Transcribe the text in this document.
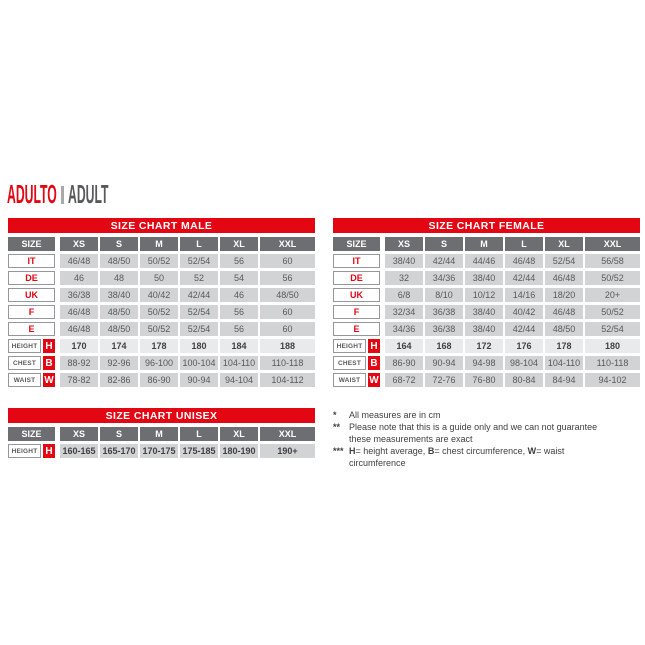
ADULTO ADULT
SIZE CHART MALE
SIZE	XS	S	M	L	XL	XXL
IT	46/48	48/50	50/52	52/54	56	60
DE	46	48	50	52	54	56
UK	36/38	38/40	40/42	42/44	46	48/50
F	46/48	48/50	50/52	52/54	56	60
E	46/48	48/50	50/52	52/54	56	60
HEIGHT H	170	174	178	180	184	188
CHEST B	88-92	92-96	96-100	100-104 104-110	110-118
WAIST W	78-82	82-86	86-90	90-94	94-104	104-112
SIZE CHART FEMALE
SIZE	XS	S	M	L	XL	XXL
IT	38/40	42/44	44/46	46/48	52/54	56/58
DE	32	34/36	38/40	42/44	46/48	50/52
UK	6/8	8/10	10/12	14/16	18/20	20+
F	32/34	36/38	38/40	40/42	46/48	50/52
E	34/36	36/38	38/40	42/44	48/50	52/54
HEIGHT H	164	168	172	176	178	180
CHEST B	86-90	90-94	94-98	98-104	104-110	110-118
WAIST W	68-72	72-76	76-80	80-84	84-94	94-102
SIZE CHART UNISEX
SIZE	XS	S	M	L	XL	XXL
HEIGHT H 160-165 165-170 170-175 175-185 180-190	190+
*	All measures are in cm
** Please note that this is a guide only and we can not guarantee these measurements are exact
*** H= height average, B= chest circumference, W= waist circumference
